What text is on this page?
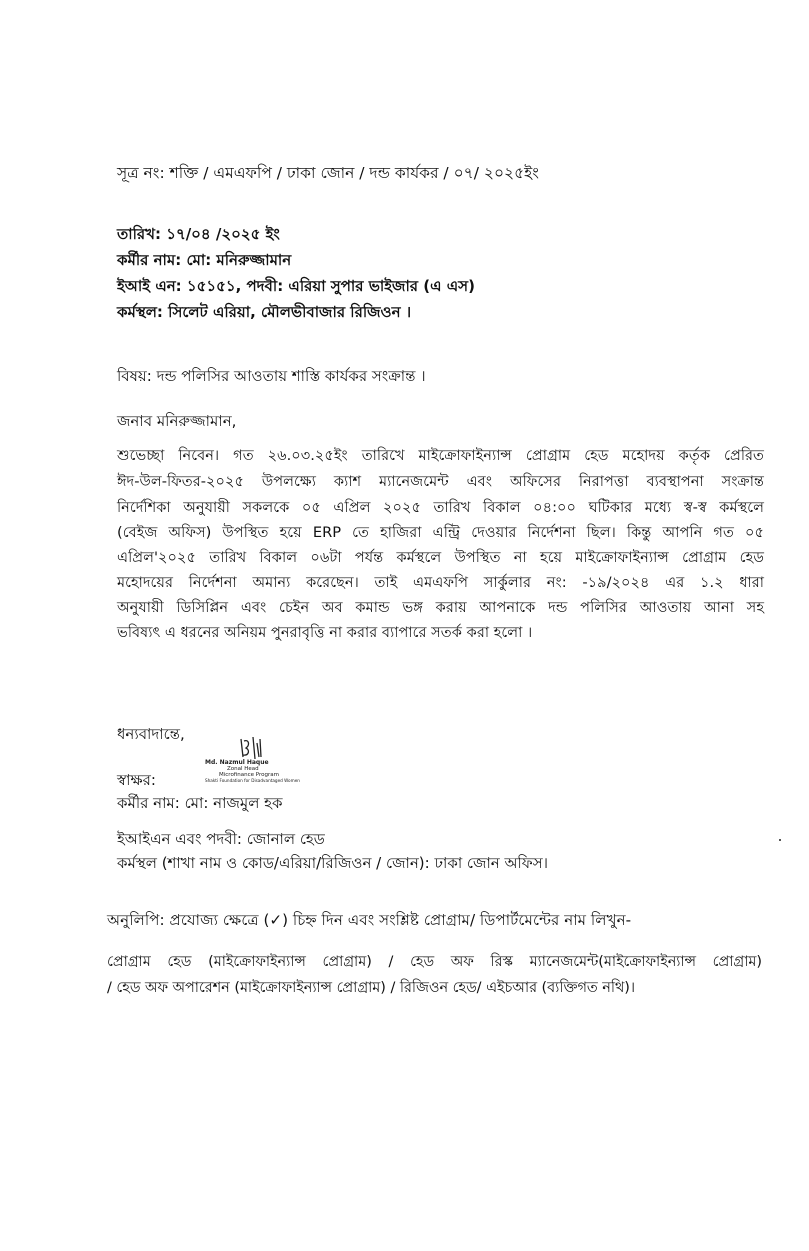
সূত্র নং: শক্তি / এমএফপি / ঢাকা জোন / দন্ড কার্যকর / ০৭/ ২০২৫ইং
তারিখ: ১৭/০৪ /২০২৫ ইং
কর্মীর নাম: মো: মনিরুজ্জামান
ইআই এন: ১৫১৫১, পদবী: এরিয়া সুপার ভাইজার (এ এস)
কর্মস্থল: সিলেট এরিয়া, মৌলভীবাজার রিজিওন ।
বিষয়: দন্ড পলিসির আওতায় শাস্তি কার্যকর সংক্রান্ত ।
জনাব মনিরুজ্জামান,
শুভেচ্ছা নিবেন। গত ২৬.০৩.২৫ইং তারিখে মাইক্রোফাইন্যান্স প্রোগ্রাম হেড মহোদয় কর্তৃক প্রেরিত
ঈদ-উল-ফিতর-২০২৫ উপলক্ষ্যে ক্যাশ ম্যানেজমেন্ট এবং অফিসের নিরাপত্তা ব্যবস্থাপনা সংক্রান্ত
নির্দেশিকা অনুযায়ী সকলকে ০৫ এপ্রিল ২০২৫ তারিখ বিকাল ০৪:০০ ঘটিকার মধ্যে স্ব-স্ব কর্মস্থলে
(বেইজ অফিস) উপস্থিত হয়ে ERP তে হাজিরা এন্ট্রি দেওয়ার নির্দেশনা ছিল। কিন্তু আপনি গত ০৫
এপ্রিল'২০২৫ তারিখ বিকাল ০৬টা পর্যন্ত কর্মস্থলে উপস্থিত না হয়ে মাইক্রোফাইন্যান্স প্রোগ্রাম হেড
মহোদয়ের নির্দেশনা অমান্য করেছেন। তাই এমএফপি সার্কুলার নং: -১৯/২০২৪ এর ১.২ ধারা
অনুযায়ী ডিসিপ্লিন এবং চেইন অব কমান্ড ভঙ্গ করায় আপনাকে দন্ড পলিসির আওতায় আনা সহ
ভবিষ্যৎ এ ধরনের অনিয়ম পুনরাবৃত্তি না করার ব্যাপারে সতর্ক করা হলো ।
ধন্যবাদান্তে,
Md. Nazmul Haque
Zonal Head
Microfinance Program
Shakti Foundation for Disadvantaged Women
স্বাক্ষর:
কর্মীর নাম: মো: নাজমুল হক
ইআইএন এবং পদবী: জোনাল হেড
কর্মস্থল (শাখা নাম ও কোড/এরিয়া/রিজিওন / জোন): ঢাকা জোন অফিস।
অনুলিপি: প্রযোজ্য ক্ষেত্রে (✓) চিহ্ন দিন এবং সংশ্লিষ্ট প্রোগ্রাম/ ডিপার্টমেন্টের নাম লিখুন-
প্রোগ্রাম হেড (মাইক্রোফাইন্যান্স প্রোগ্রাম) / হেড অফ রিস্ক ম্যানেজমেন্ট(মাইক্রোফাইন্যান্স প্রোগ্রাম)
/ হেড অফ অপারেশন (মাইক্রোফাইন্যান্স প্রোগ্রাম) / রিজিওন হেড/ এইচআর (ব্যক্তিগত নথি)।
